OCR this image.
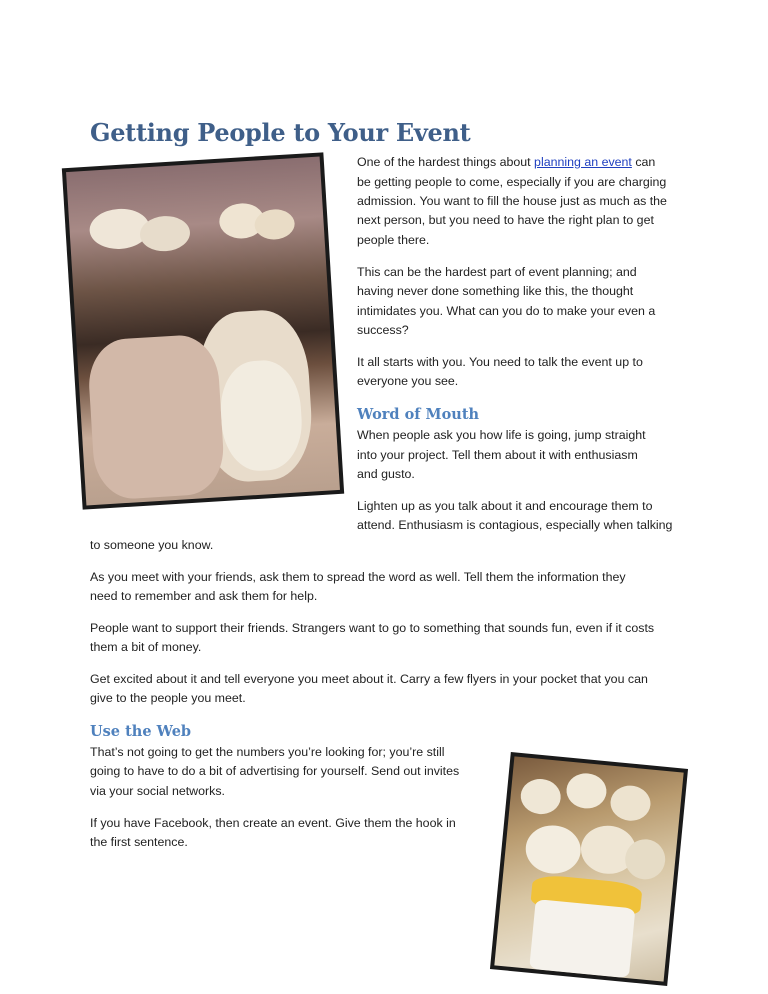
Getting People to Your Event

One of the hardest things about planning an event can

be getting people to come, especially if you are charging

admission. You want to fill the house just as much as the

next person, but you need to have the right plan to get

people there.

This can be the hardest part of event planning; and

having never done something like this, the thought

intimidates you. What can you do to make your even a

success?

It all starts with you. You need to talk the event up to

everyone you see.

Word of Mouth

When people ask you how life is going, jump straight

into your project. Tell them about it with enthusiasm

and gusto.

Lighten up as you talk about it and encourage them to

attend. Enthusiasm is contagious, especially when talking

to someone you know.

As you meet with your friends, ask them to spread the word as well. Tell them the information they

need to remember and ask them for help.

People want to support their friends. Strangers want to go to something that sounds fun, even if it costs

them a bit of money.

Get excited about it and tell everyone you meet about it. Carry a few flyers in your pocket that you can

give to the people you meet.

Use the Web

That’s not going to get the numbers you’re looking for; you’re still

going to have to do a bit of advertising for yourself. Send out invites

via your social networks.

If you have Facebook, then create an event. Give them the hook in

the first sentence.
